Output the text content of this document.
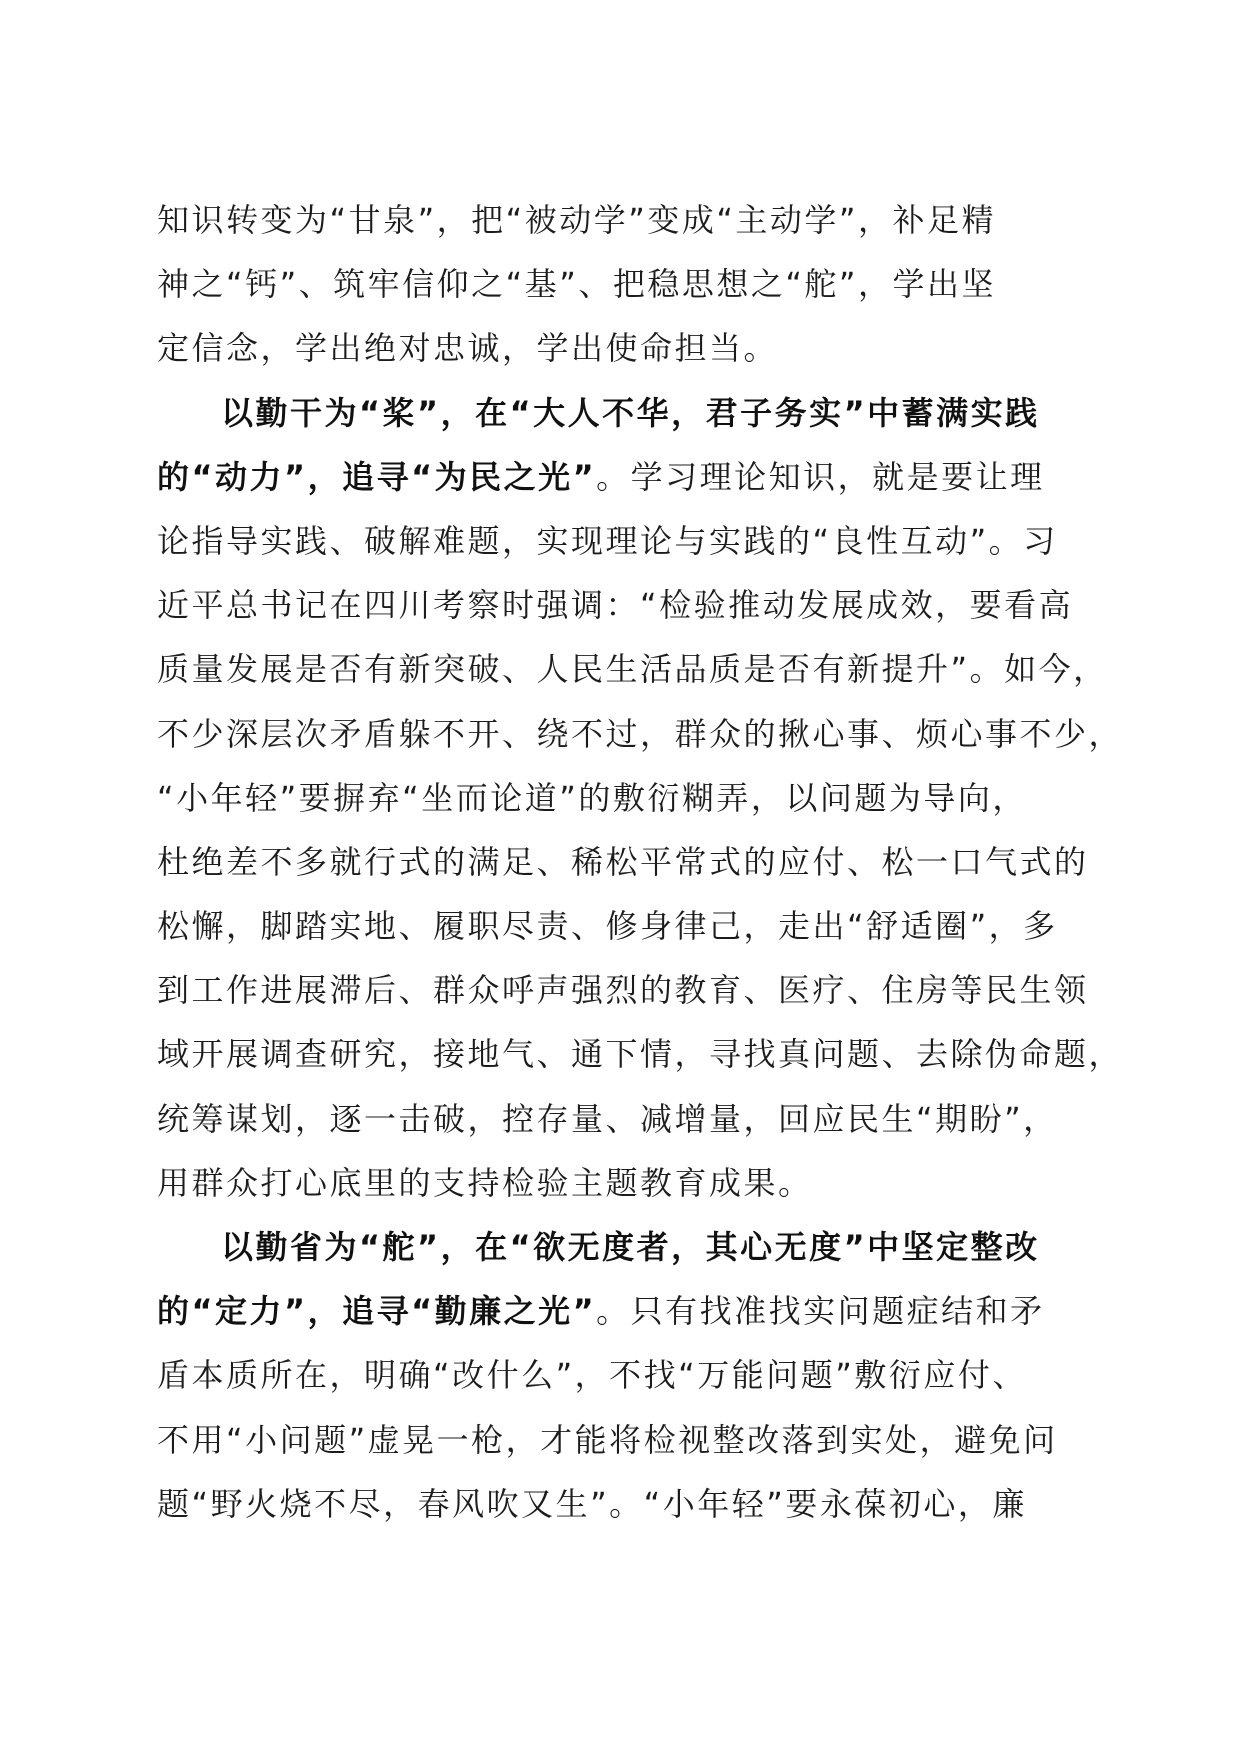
知识转变为“甘泉”，把“被动学”变成“主动学”，补足精
神之“钙”、筑牢信仰之“基”、把稳思想之“舵”，学出坚
定信念，学出绝对忠诚，学出使命担当。
以勤干为“桨”，在“大人不华，君子务实”中蓄满实践
的“动力”，追寻“为民之光”。学习理论知识，就是要让理
论指导实践、破解难题，实现理论与实践的“良性互动”。习
近平总书记在四川考察时强调：“检验推动发展成效，要看高
质量发展是否有新突破、人民生活品质是否有新提升”。如今，
不少深层次矛盾躲不开、绕不过，群众的揪心事、烦心事不少，
“小年轻”要摒弃“坐而论道”的敷衍糊弄，以问题为导向，
杜绝差不多就行式的满足、稀松平常式的应付、松一口气式的
松懈，脚踏实地、履职尽责、修身律己，走出“舒适圈”，多
到工作进展滞后、群众呼声强烈的教育、医疗、住房等民生领
域开展调查研究，接地气、通下情，寻找真问题、去除伪命题，
统筹谋划，逐一击破，控存量、减增量，回应民生“期盼”，
用群众打心底里的支持检验主题教育成果。
以勤省为“舵”，在“欲无度者，其心无度”中坚定整改
的“定力”，追寻“勤廉之光”。只有找准找实问题症结和矛
盾本质所在，明确“改什么”，不找“万能问题”敷衍应付、
不用“小问题”虚晃一枪，才能将检视整改落到实处，避免问
题“野火烧不尽，春风吹又生”。“小年轻”要永葆初心，廉
